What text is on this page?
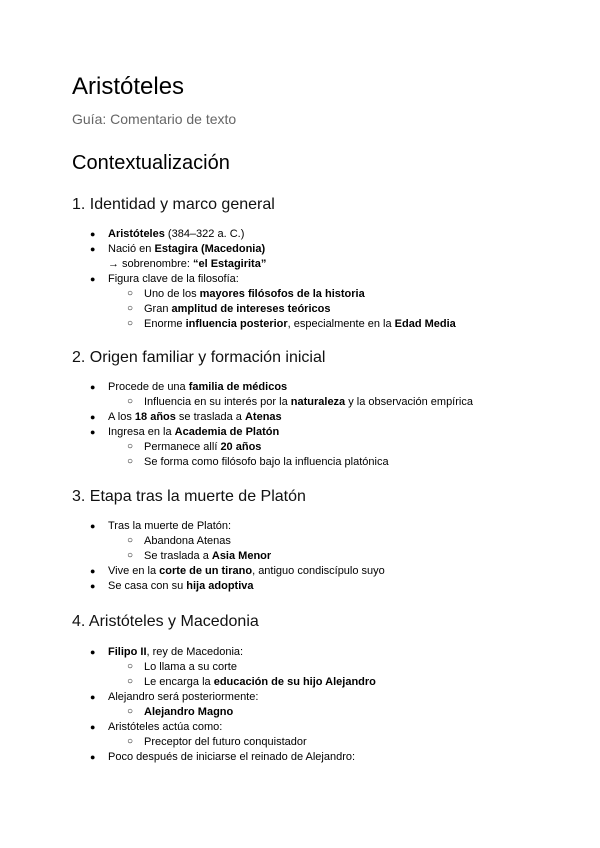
Aristóteles
Guía: Comentario de texto
Contextualización
1. Identidad y marco general
● Aristóteles (384–322 a. C.)
● Nació en Estagira (Macedonia)
→ sobrenombre: “el Estagirita”
● Figura clave de la filosofía:
○ Uno de los mayores filósofos de la historia
○ Gran amplitud de intereses teóricos
○ Enorme influencia posterior, especialmente en la Edad Media
2. Origen familiar y formación inicial
● Procede de una familia de médicos
○ Influencia en su interés por la naturaleza y la observación empírica
● A los 18 años se traslada a Atenas
● Ingresa en la Academia de Platón
○ Permanece allí 20 años
○ Se forma como filósofo bajo la influencia platónica
3. Etapa tras la muerte de Platón
● Tras la muerte de Platón:
○ Abandona Atenas
○ Se traslada a Asia Menor
● Vive en la corte de un tirano, antiguo condiscípulo suyo
● Se casa con su hija adoptiva
4. Aristóteles y Macedonia
● Filipo II, rey de Macedonia:
○ Lo llama a su corte
○ Le encarga la educación de su hijo Alejandro
● Alejandro será posteriormente:
○ Alejandro Magno
● Aristóteles actúa como:
○ Preceptor del futuro conquistador
● Poco después de iniciarse el reinado de Alejandro:
